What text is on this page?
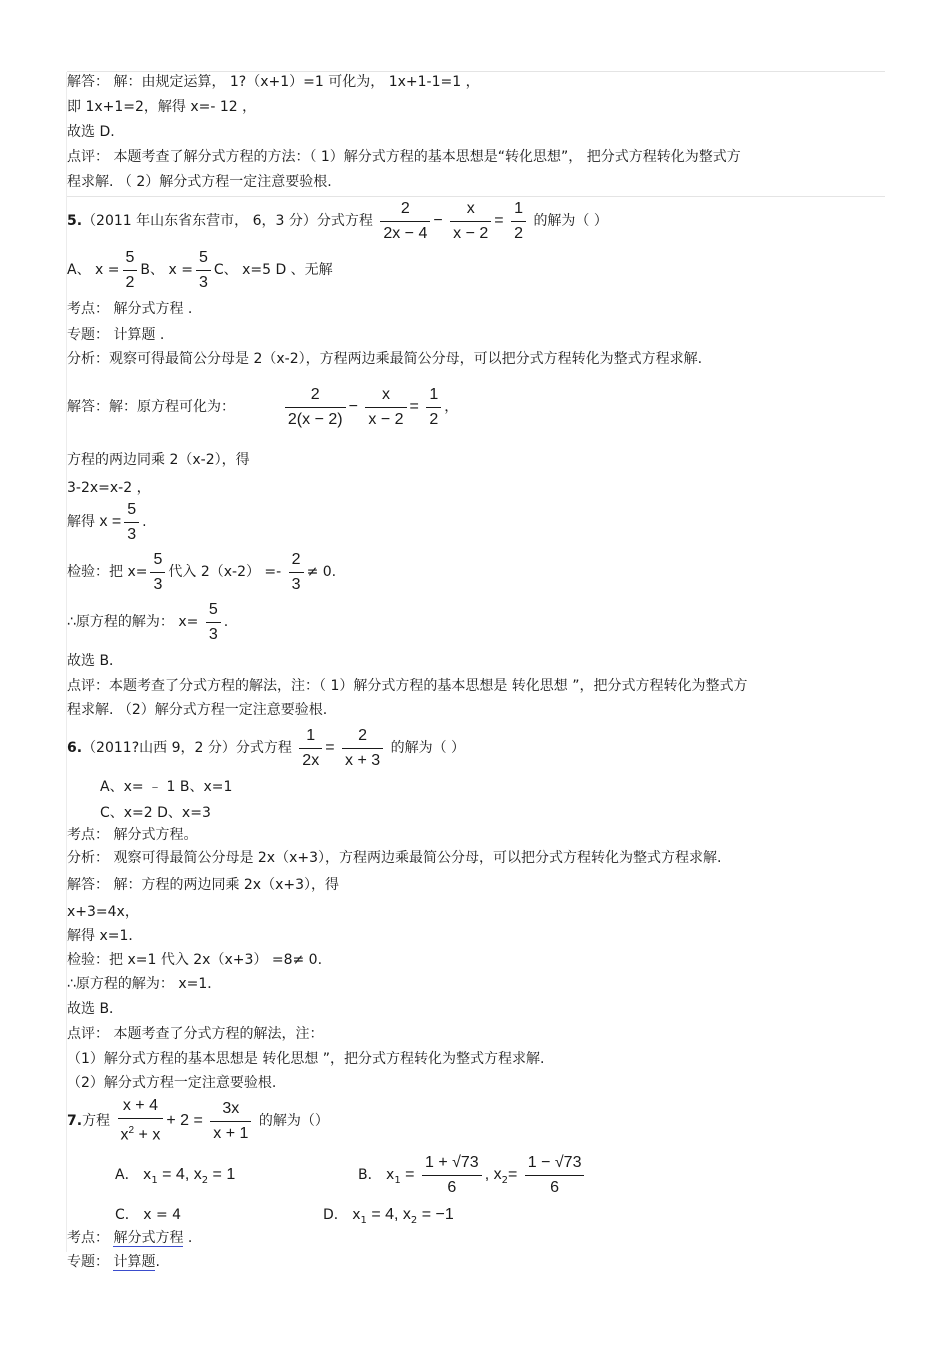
解答： 解：由规定运算， 1?（x+1）=1 可化为， 1x+1-1=1 ，
即 1x+1=2，解得 x=- 12 ，
故选 D.
点评： 本题考查了解分式方程的方法：（ 1）解分式方程的基本思想是“转化思想”， 把分式方程转化为整式方
程求解. （ 2）解分式方程一定注意要验根.
5.（2011 年山东省东营市， 6，3 分）分式方程 $\frac{2}{2x - 4} - \frac{x}{x - 2} = \frac{1}{2}$ 的解为（ ）
A、 $x = \frac{5}{2}$ B、 $x = \frac{5}{3}$ C、 x=5 D 、无解
考点： 解分式方程 .
专题： 计算题 .
分析：观察可得最简公分母是 2（x-2），方程两边乘最简公分母，可以把分式方程转化为整式方程求解.
解答：解：原方程可化为：	$\frac{2}{2(x - 2)} - \frac{x}{x - 2} = \frac{1}{2}$ ，
方程的两边同乘 2（x-2），得
3-2x=x-2 ，
解得 $x = \frac{5}{3}$ .
检验：把 $x= \frac{5}{3}$ 代入 $2(x-2) =- \frac{2}{3} \ne 0$.
∴原方程的解为： $x= \frac{5}{3}$ .
故选 B．
点评：本题考查了分式方程的解法，注：（ 1）解分式方程的基本思想是 转化思想 ”，把分式方程转化为整式方
程求解. （2）解分式方程一定注意要验根.
6.（2011?山西 9，2 分）分式方程 $\frac{1}{2x} = \frac{2}{x + 3}$ 的解为（ ）
A、x= ﹣ 1 B、x=1
C、x=2 D、x=3
考点： 解分式方程。
分析： 观察可得最简公分母是 2x（x+3），方程两边乘最简公分母，可以把分式方程转化为整式方程求解.
解答： 解：方程的两边同乘 2x（x+3），得
x+3=4x，
解得 x=1．
检验：把 x=1 代入 2x（x+3） =8≠ 0.
∴原方程的解为： x=1．
故选 B．
点评： 本题考查了分式方程的解法，注：
（1）解分式方程的基本思想是 转化思想 ”，把分式方程转化为整式方程求解.
（2）解分式方程一定注意要验根.
7.方程 $\frac{x + 4}{x^2 + x} + 2 = \frac{3x}{x + 1}$ 的解为（）
A． $x_1 = 4$, $x_2 = 1$	B． $x_1 = \frac{1 + √73}{6}$ , $x_2= \frac{1 - √73}{6}$
C． x = 4	D． $x_1 = 4$, $x_2 = -1$
考点： 解分式方程 .
专题： 计算题.
